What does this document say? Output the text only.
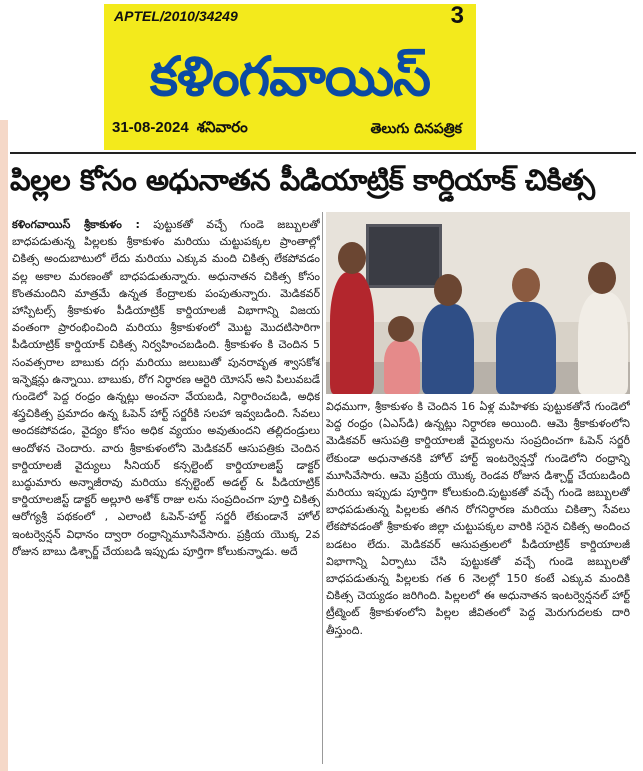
APTEL/2010/34249	3
కళింగవాయిస్
31-08-2024 శనివారం	తెలుగు దినపత్రిక
పిల్లల కోసం అధునాతన పీడియాట్రిక్ కార్డియాక్ చికిత్స

కళింగవాయిస్ శ్రీకాకుళం : పుట్టుకతో వచ్చే గుండె జబ్బులతో బాధపడుతున్న పిల్లలకు శ్రీకాకుళం మరియు చుట్టుపక్కల ప్రాంతాల్లో చికిత్స అందుబాటులో లేదు మరియు ఎక్కువ మంది చికిత్స లేకపోవడం వల్ల అకాల మరణంతో బాధపడుతున్నారు. అధునాతన చికిత్స కోసం కొంతమందిని మాత్రమే ఉన్నత కేంద్రాలకు పంపుతున్నారు. మెడికవర్ హాస్పిటల్స్ శ్రీకాకుళం పీడియాట్రిక్ కార్డియాలజీ విభాగాన్ని విజయ వంతంగా ప్రారంభించింది మరియు శ్రీకాకుళంలో మొట్ట మొదటిసారిగా పీడియాట్రిక్ కార్డియాక్ చికిత్స నిర్వహించబడింది. శ్రీకాకుళం కి చెందిన 5 సంవత్సరాల బాబుకు దగ్గు మరియు జలుబుతో పునరావృత శ్వాసకోశ ఇన్ఫెక్షన్లు ఉన్నాయి. బాబుకు, రోగ నిర్ధారణ ఆర్టెరి యోసస్ అని పిలువబడే గుండెలో పెద్ద రంధ్రం ఉన్నట్లు అంచనా వేయబడి, నిర్ధారించబడి, అధిక శస్త్రచికిత్స ప్రమాదం ఉన్న ఓపెన్ హార్ట్ సర్జరీకి సలహా ఇవ్వబడింది. సేవలు అందకపోవడం, వైద్యం కోసం అధిక వ్యయం అవుతుందని తల్లిదండ్రులు ఆందోళన చెందారు. వారు శ్రీకాకుళంలోని మెడికవర్ ఆసుపత్రికు చెందిన కార్డియాలజీ వైద్యులు సీనియర్ కన్సల్టెంట్ కార్డియాలజిస్ట్ డాక్టర్ బుద్ధుమారు అన్నాజీరావు మరియు కన్సల్టెంట్ అడల్ట్ & పీడియాట్రిక్ కార్డియాలజిస్ట్ డాక్టర్ అల్లూరి అశోక్ రాజు లను సంప్రదించగా పూర్తి చికిత్స ఆరోగ్యశ్రీ పథకంలో , ఎలాంటి ఓపెన్-హార్ట్ సర్జరీ లేకుండానే హోల్ ఇంటర్వెన్షన్ విధానం ద్వారా రంధ్రాన్నిమూసివేసారు. ప్రక్రియ యొక్క 2వ రోజున బాబు డిశ్చార్జ్ చేయబడి ఇప్పుడు పూర్తిగా కోలుకున్నాడు. అదే

విధముగా, శ్రీకాకుళం కి చెందిన 16 ఏళ్ల మహిళకు పుట్టుకతోనే గుండెలో పెద్ద రంధ్రం (ఏఎస్‌డి) ఉన్నట్లు నిర్ధారణ అయింది. ఆమె శ్రీకాకుళంలోని మెడికవర్ ఆసుపత్రి కార్డియాలజీ వైద్యులను సంప్రదించగా ఓపెన్ సర్జరీ లేకుండా అధునాతనకి హోల్ హార్ట్ ఇంటర్వెన్షన్తో గుండెలోని రంధ్రాన్ని మూసివేసారు. ఆమె ప్రక్రియ యొక్క రెండవ రోజున డిశ్చార్జ్ చేయబడింది మరియు ఇప్పుడు పూర్తిగా కోలుకుంది.పుట్టుకతో వచ్చే గుండె జబ్బులతో బాధపడుతున్న పిల్లలకు తగిన రోగనిర్ధారణ మరియు చికిత్సా సేవలు లేకపోవడంతో శ్రీకాకుళం జిల్లా చుట్టుపక్కల వారికి సరైన చికిత్స అందించ బడటం లేదు. మెడికవర్ ఆసుపత్రులలో పీడియాట్రిక్ కార్డియాలజీ విభాగాన్ని ఏర్పాటు చేసి పుట్టుకతో వచ్చే గుండె జబ్బులతో బాధపడుతున్న పిల్లలకు గత 6 నెలల్లో 150 కంటే ఎక్కువ మందికి చికిత్స చెయ్యడం జరిగింది. పిల్లలలో ఈ అధునాతన ఇంటర్వెన్షనల్ హార్ట్ ట్రీట్మెంట్ శ్రీకాకుళంలోని పిల్లల జీవితంలో పెద్ద మెరుగుదలకు దారి తీస్తుంది.
